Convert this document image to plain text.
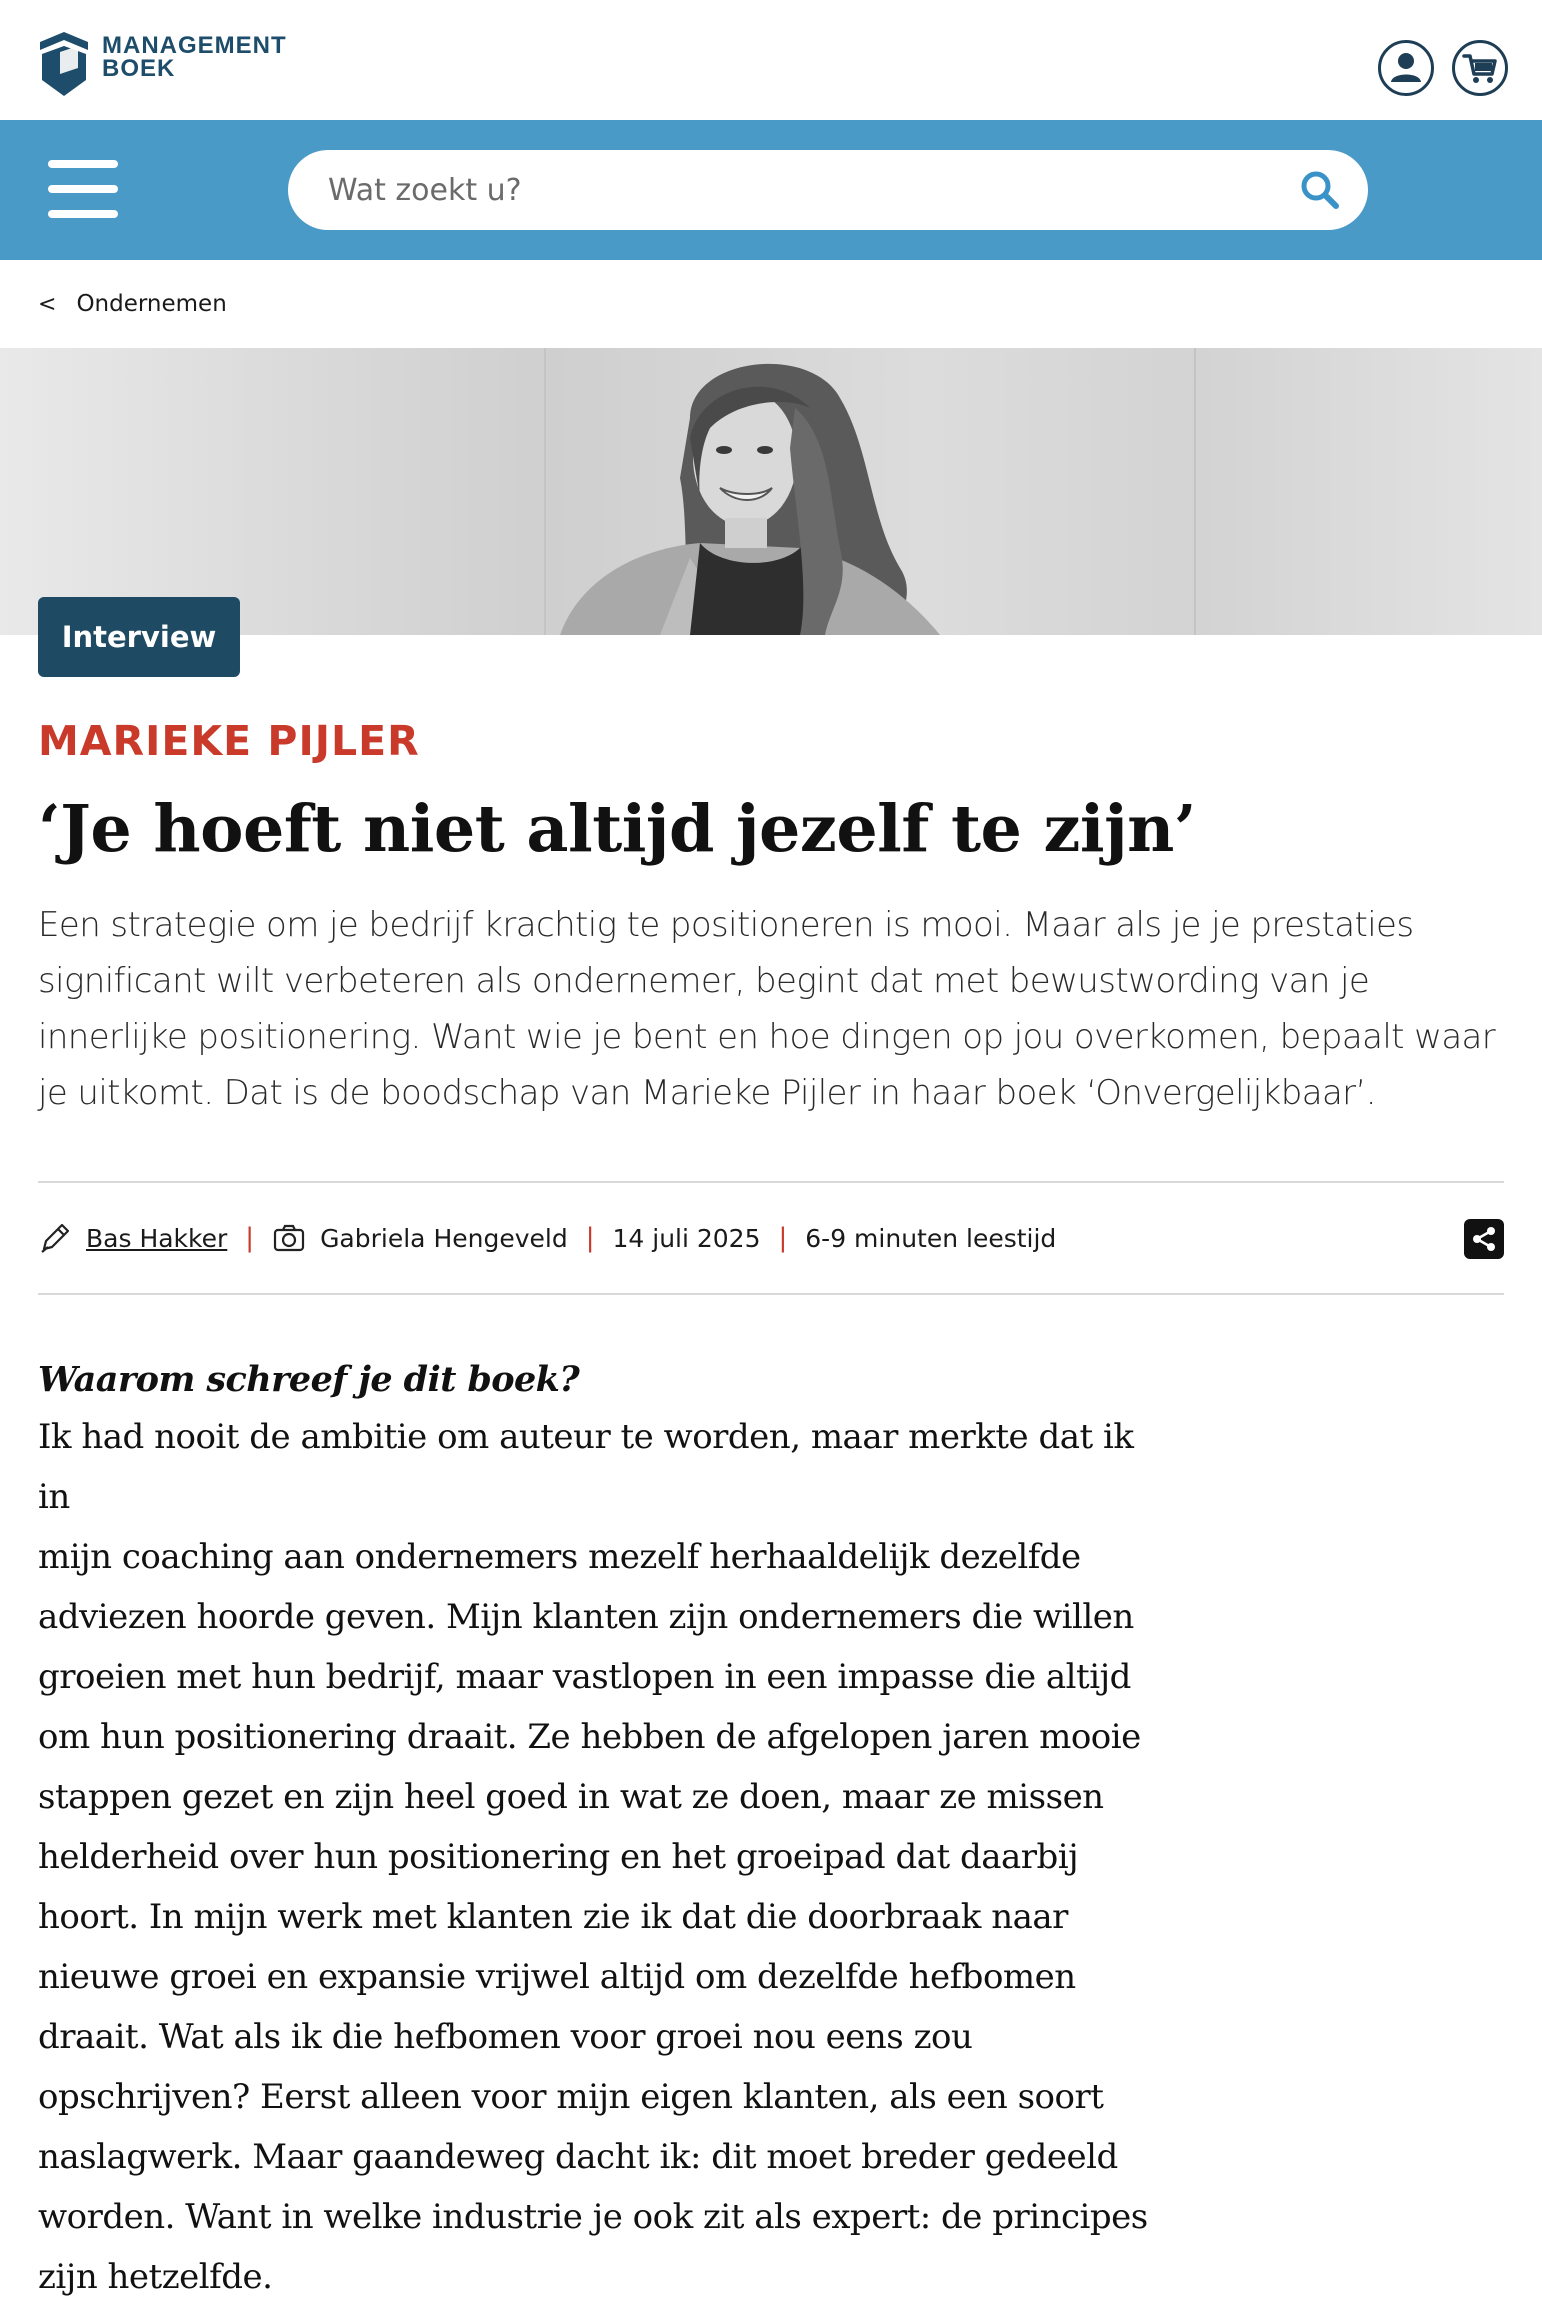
MANAGEMENT
BOEK
Wat zoekt u?
< Ondernemen
Interview
MARIEKE PIJLER
‘Je hoeft niet altijd jezelf te zijn’
Een strategie om je bedrijf krachtig te positioneren is mooi. Maar als je je prestaties significant wilt verbeteren als ondernemer, begint dat met bewustwording van je innerlijke positionering. Want wie je bent en hoe dingen op jou overkomen, bepaalt waar je uitkomt. Dat is de boodschap van Marieke Pijler in haar boek ‘Onvergelijkbaar’.
Bas Hakker |	Gabriela Hengeveld | 14 juli 2025 | 6-9 minuten leestijd
Waarom schreef je dit boek?
Ik had nooit de ambitie om auteur te worden, maar merkte dat ik in
mijn coaching aan ondernemers mezelf herhaaldelijk dezelfde
adviezen hoorde geven. Mijn klanten zijn ondernemers die willen
groeien met hun bedrijf, maar vastlopen in een impasse die altijd
om hun positionering draait. Ze hebben de afgelopen jaren mooie
stappen gezet en zijn heel goed in wat ze doen, maar ze missen
helderheid over hun positionering en het groeipad dat daarbij
hoort. In mijn werk met klanten zie ik dat die doorbraak naar
nieuwe groei en expansie vrijwel altijd om dezelfde hefbomen
draait. Wat als ik die hefbomen voor groei nou eens zou
opschrijven? Eerst alleen voor mijn eigen klanten, als een soort
naslagwerk. Maar gaandeweg dacht ik: dit moet breder gedeeld
worden. Want in welke industrie je ook zit als expert: de principes
zijn hetzelfde.
